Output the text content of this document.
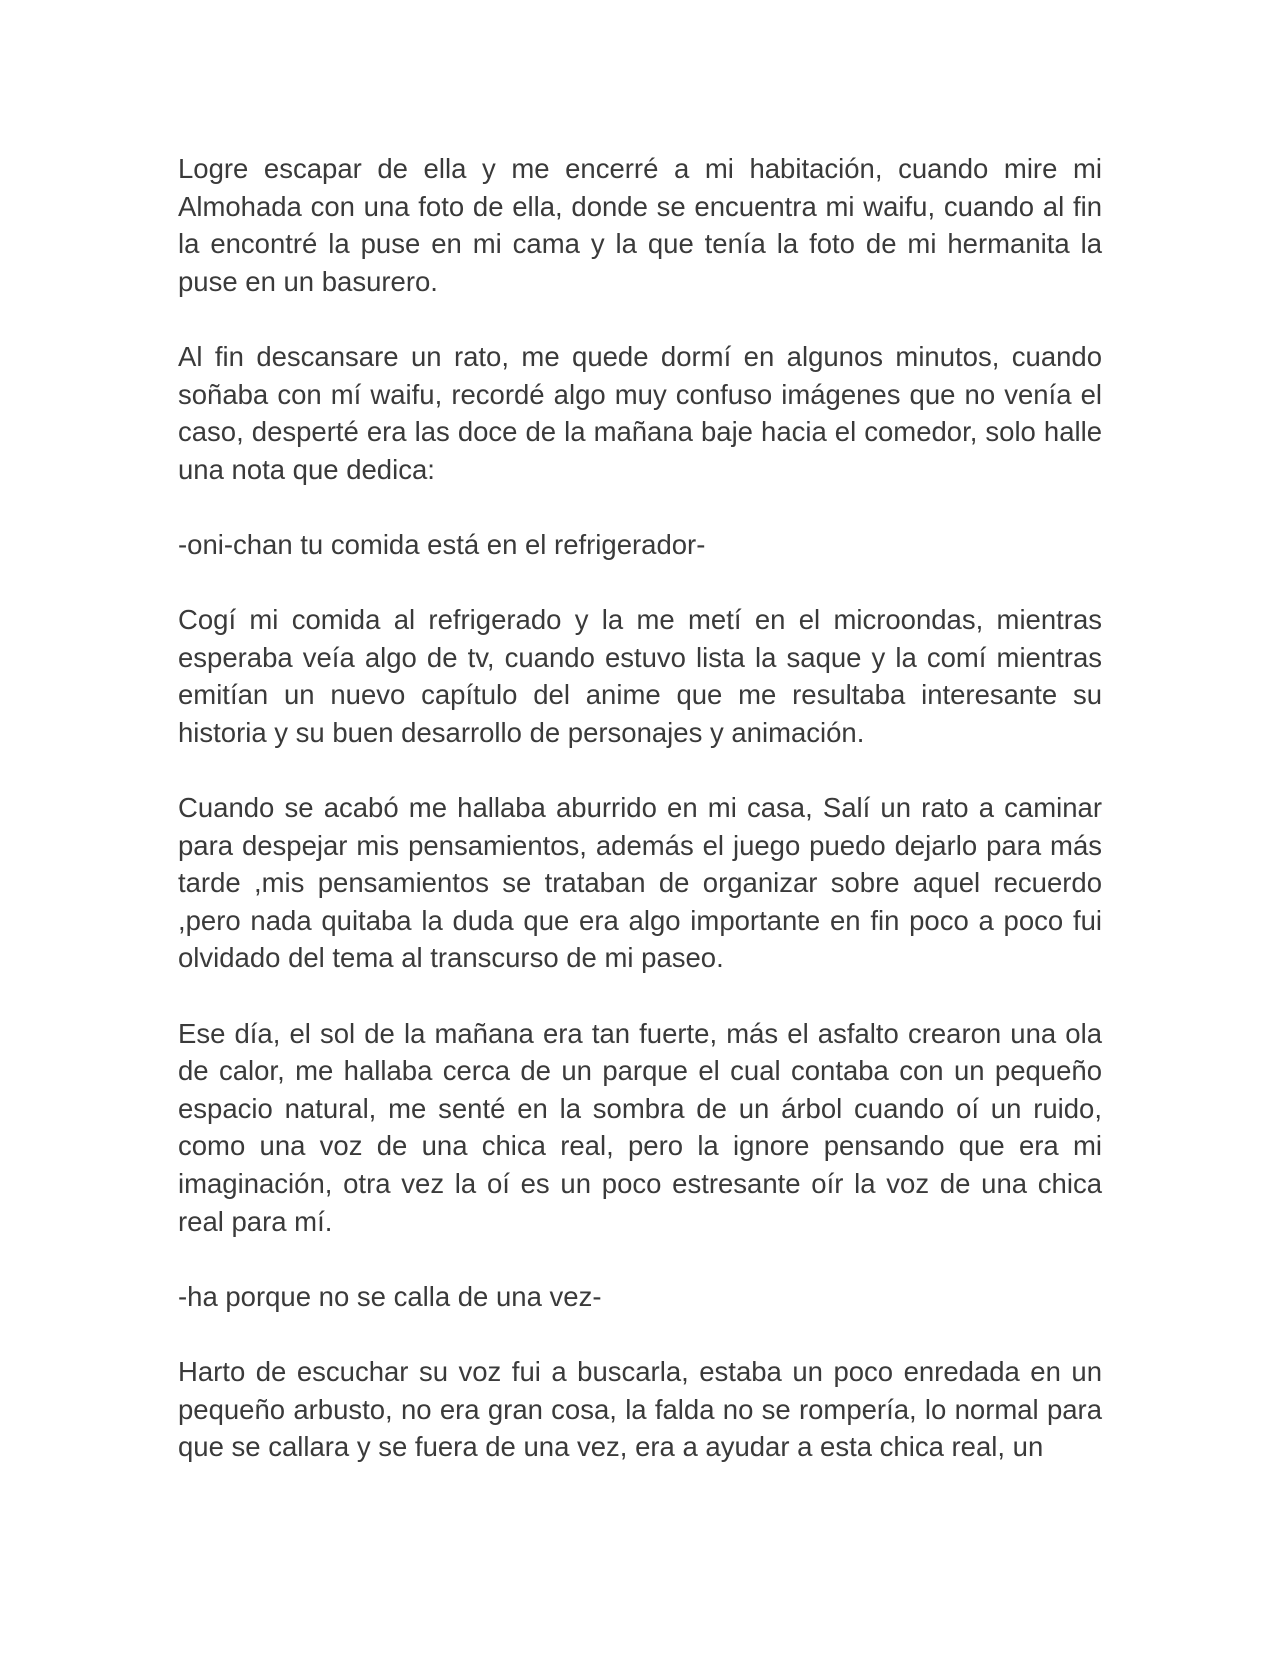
Logre escapar de ella y me encerré a mi habitación, cuando mire mi Almohada con una foto de ella, donde se encuentra mi waifu, cuando al fin la encontré la puse en mi cama y la que tenía la foto de mi hermanita la puse en un basurero.

Al fin descansare un rato, me quede dormí en algunos minutos, cuando soñaba con mí waifu, recordé algo muy confuso imágenes que no venía el caso, desperté era las doce de la mañana baje hacia el comedor, solo halle una nota que dedica:

-oni-chan tu comida está en el refrigerador-

Cogí mi comida al refrigerado y la me metí en el microondas, mientras esperaba veía algo de tv, cuando estuvo lista la saque y la comí mientras emitían un nuevo capítulo del anime que me resultaba interesante su historia y su buen desarrollo de personajes y animación.

Cuando se acabó me hallaba aburrido en mi casa, Salí un rato a caminar para despejar mis pensamientos, además el juego puedo dejarlo para más tarde ,mis pensamientos se trataban de organizar sobre aquel recuerdo ,pero nada quitaba la duda que era algo importante en fin poco a poco fui olvidado del tema al transcurso de mi paseo.

Ese día, el sol de la mañana era tan fuerte, más el asfalto crearon una ola de calor, me hallaba cerca de un parque el cual contaba con un pequeño espacio natural, me senté en la sombra de un árbol cuando oí un ruido, como una voz de una chica real, pero la ignore pensando que era mi imaginación, otra vez la oí es un poco estresante oír la voz de una chica real para mí.

-ha porque no se calla de una vez-

Harto de escuchar su voz fui a buscarla, estaba un poco enredada en un pequeño arbusto, no era gran cosa, la falda no se rompería, lo normal para que se callara y se fuera de una vez, era a ayudar a esta chica real, un
